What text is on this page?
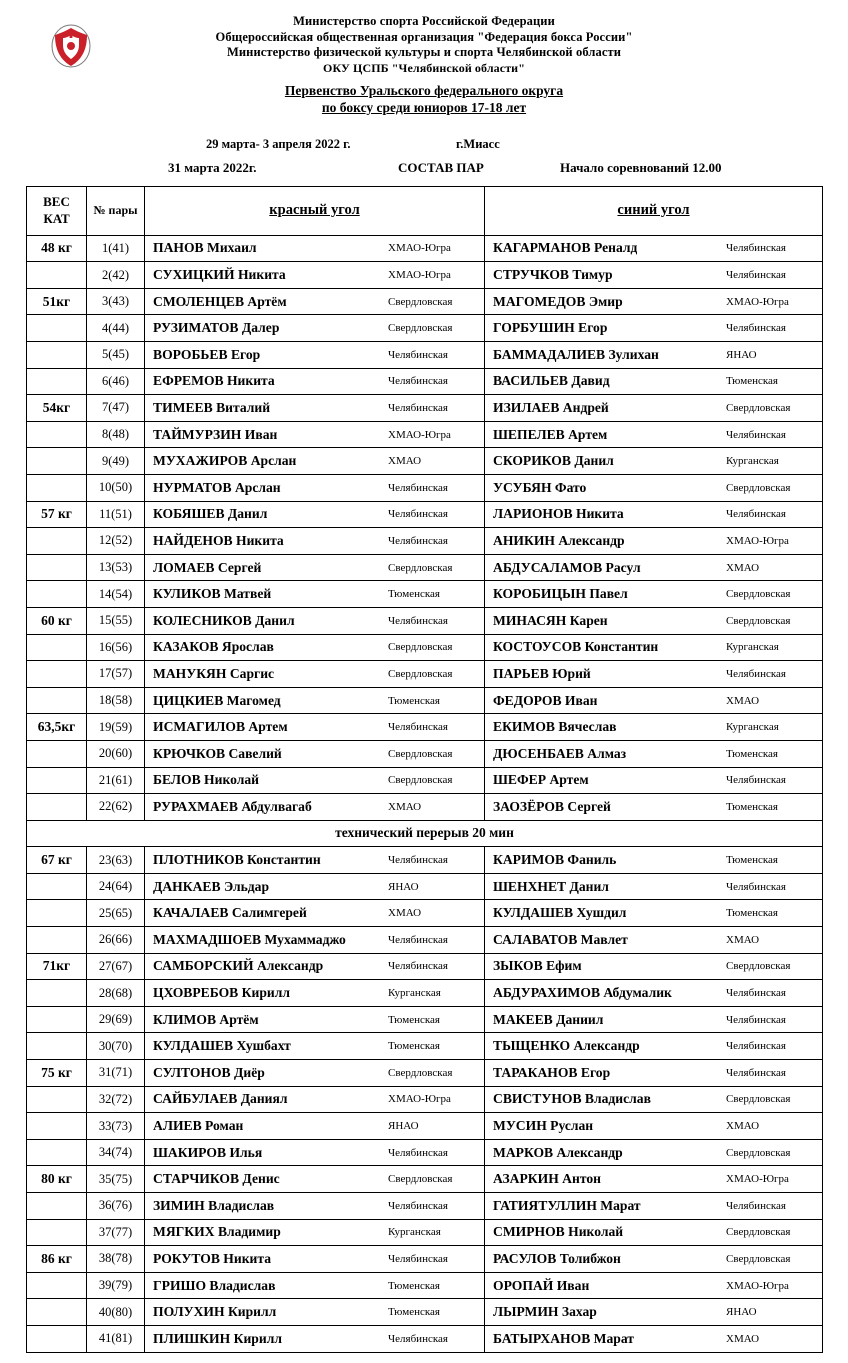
Министерство спорта Российской Федерации
Общероссийская общественная организация "Федерация бокса России"
Министерство физической культуры и спорта Челябинской области
ОКУ ЦСПБ "Челябинской области"
Первенство Уральского федерального округа
по боксу среди юниоров 17-18 лет
29 марта- 3 апреля 2022 г.	г.Миасс
31 марта 2022г.	СОСТАВ ПАР	Начало соревнований 12.00
ВЕС
КАТ	№ пары	красный угол	синий угол
48 кг	1(41)	ПАНОВ Михаил ХМАО-Югра	КАГАРМАНОВ Реналд Челябинская

	2(42)	СУХИЦКИЙ Никита ХМАО-Югра	СТРУЧКОВ Тимур Челябинская

51кг	3(43)	СМОЛЕНЦЕВ Артём Свердловская	МАГОМЕДОВ Эмир ХМАО-Югра

	4(44)	РУЗИМАТОВ Далер Свердловская	ГОРБУШИН Егор Челябинская

	5(45)	ВОРОБЬЕВ Егор Челябинская	БАММАДАЛИЕВ Зулихан ЯНАО

	6(46)	ЕФРЕМОВ Никита Челябинская	ВАСИЛЬЕВ Давид Тюменская

54кг	7(47)	ТИМЕЕВ Виталий Челябинская	ИЗИЛАЕВ Андрей Свердловская

	8(48)	ТАЙМУРЗИН Иван ХМАО-Югра	ШЕПЕЛЕВ Артем Челябинская

	9(49)	МУХАЖИРОВ Арслан ХМАО	СКОРИКОВ Данил Курганская

	10(50)	НУРМАТОВ Арслан Челябинская	УСУБЯН Фато Свердловская

57 кг	11(51)	КОБЯШЕВ Данил Челябинская	ЛАРИОНОВ Никита Челябинская

	12(52)	НАЙДЕНОВ Никита Челябинская	АНИКИН Александр ХМАО-Югра

	13(53)	ЛОМАЕВ Сергей Свердловская	АБДУСАЛАМОВ Расул ХМАО

	14(54)	КУЛИКОВ Матвей Тюменская	КОРОБИЦЫН Павел Свердловская

60 кг	15(55)	КОЛЕСНИКОВ Данил Челябинская	МИНАСЯН Карен Свердловская

	16(56)	КАЗАКОВ Ярослав Свердловская	КОСТОУСОВ Константин Курганская

	17(57)	МАНУКЯН Саргис Свердловская	ПАРЬЕВ Юрий Челябинская

	18(58)	ЦИЦКИЕВ Магомед Тюменская	ФЕДОРОВ Иван ХМАО

63,5кг	19(59)	ИСМАГИЛОВ Артем Челябинская	ЕКИМОВ Вячеслав Курганская

	20(60)	КРЮЧКОВ Савелий Свердловская	ДЮСЕНБАЕВ Алмаз Тюменская

	21(61)	БЕЛОВ Николай Свердловская	ШЕФЕР Артем Челябинская

	22(62)	РУРАХМАЕВ Абдулвагаб ХМАО	ЗАОЗЁРОВ Сергей Тюменская

технический перерыв 20 мин			
67 кг	23(63)	ПЛОТНИКОВ Константин Челябинская	КАРИМОВ Фаниль Тюменская

	24(64)	ДАНКАЕВ Эльдар ЯНАО	ШЕНХНЕТ Данил Челябинская

	25(65)	КАЧАЛАЕВ Салимгерей ХМАО	КУЛДАШЕВ Хушдил Тюменская

	26(66)	МАХМАДШОЕВ Мухаммаджо Челябинская	САЛАВАТОВ Мавлет ХМАО

71кг	27(67)	САМБОРСКИЙ Александр Челябинская	ЗЫКОВ Ефим Свердловская

	28(68)	ЦХОВРЕБОВ Кирилл Курганская	АБДУРАХИМОВ Абдумалик Челябинская

	29(69)	КЛИМОВ Артём Тюменская	МАКЕЕВ Даниил Челябинская

	30(70)	КУЛДАШЕВ Хушбахт Тюменская	ТЫЩЕНКО Александр Челябинская

75 кг	31(71)	СУЛТОНОВ Диёр Свердловская	ТАРАКАНОВ Егор Челябинская

	32(72)	САЙБУЛАЕВ Даниял ХМАО-Югра	СВИСТУНОВ Владислав Свердловская

	33(73)	АЛИЕВ Роман ЯНАО	МУСИН Руслан ХМАО

	34(74)	ШАКИРОВ Илья Челябинская	МАРКОВ Александр Свердловская

80 кг	35(75)	СТАРЧИКОВ Денис Свердловская	АЗАРКИН Антон ХМАО-Югра

	36(76)	ЗИМИН Владислав Челябинская	ГАТИЯТУЛЛИН Марат Челябинская

	37(77)	МЯГКИХ Владимир Курганская	СМИРНОВ Николай Свердловская

86 кг	38(78)	РОКУТОВ Никита Челябинская	РАСУЛОВ Толибжон Свердловская

	39(79)	ГРИШО Владислав Тюменская	ОРОПАЙ Иван ХМАО-Югра

	40(80)	ПОЛУХИН Кирилл Тюменская	ЛЫРМИН Захар ЯНАО

	41(81)	ПЛИШКИН Кирилл Челябинская	БАТЫРХАНОВ Марат ХМАО
